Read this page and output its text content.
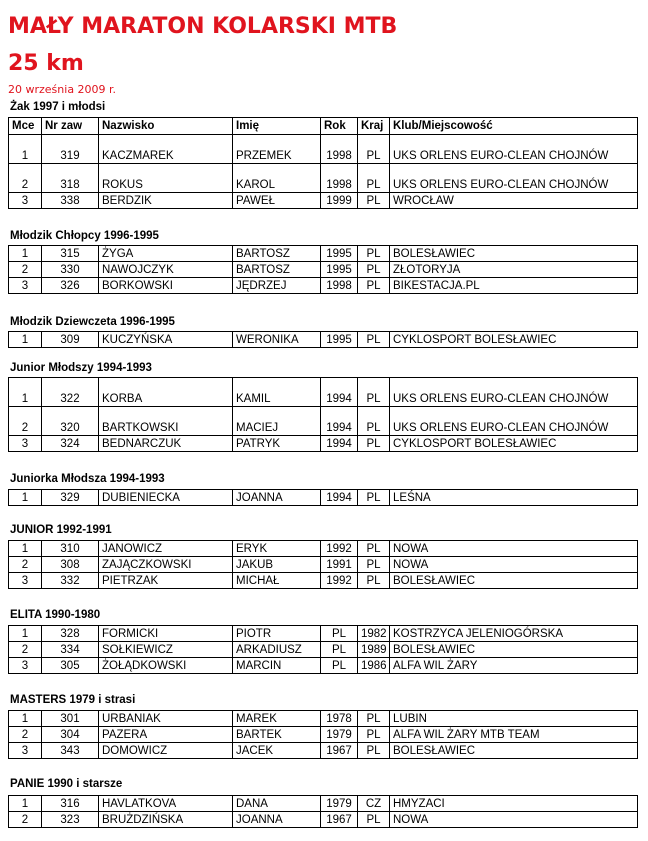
MAŁY MARATON KOLARSKI MTB
25 km
20 września 2009 r.
Żak 1997 i młodsi
Mce	Nr zaw	Nazwisko	Imię	Rok	Kraj	Klub/Miejscowość
1	319	KACZMAREK	PRZEMEK	1998	PL	UKS ORLENS EURO-CLEAN CHOJNÓW
2	318	ROKUS	KAROL	1998	PL	UKS ORLENS EURO-CLEAN CHOJNÓW
3	338	BERDZIK	PAWEŁ	1999	PL	WROCŁAW
Młodzik Chłopcy 1996-1995
1	315	ŻYGA	BARTOSZ	1995	PL	BOLESŁAWIEC
2	330	NAWOJCZYK	BARTOSZ	1995	PL	ZŁOTORYJA
3	326	BORKOWSKI	JĘDRZEJ	1998	PL	BIKESTACJA.PL
Młodzik Dziewczeta 1996-1995
1	309	KUCZYŃSKA	WERONIKA	1995	PL	CYKLOSPORT BOLESŁAWIEC
Junior Młodszy 1994-1993
1	322	KORBA	KAMIL	1994	PL	UKS ORLENS EURO-CLEAN CHOJNÓW
2	320	BARTKOWSKI	MACIEJ	1994	PL	UKS ORLENS EURO-CLEAN CHOJNÓW
3	324	BEDNARCZUK	PATRYK	1994	PL	CYKLOSPORT BOLESŁAWIEC
Juniorka Młodsza 1994-1993
1	329	DUBIENIECKA	JOANNA	1994	PL	LEŚNA
JUNIOR 1992-1991
1	310	JANOWICZ	ERYK	1992	PL	NOWA
2	308	ZAJĄCZKOWSKI	JAKUB	1991	PL	NOWA
3	332	PIETRZAK	MICHAŁ	1992	PL	BOLESŁAWIEC
ELITA 1990-1980
1	328	FORMICKI	PIOTR	PL	1982	KOSTRZYCA JELENIOGÓRSKA
2	334	SOŁKIEWICZ	ARKADIUSZ	PL	1989	BOLESŁAWIEC
3	305	ŻOŁĄDKOWSKI	MARCIN	PL	1986	ALFA WIL ŻARY
MASTERS 1979 i strasi
1	301	URBANIAK	MAREK	1978	PL	LUBIN
2	304	PAZERA	BARTEK	1979	PL	ALFA WIL ŻARY MTB TEAM
3	343	DOMOWICZ	JACEK	1967	PL	BOLESŁAWIEC
PANIE 1990 i starsze
1	316	HAVLATKOVA	DANA	1979	CZ	HMYZACI
2	323	BRUŻDZIŃSKA	JOANNA	1967	PL	NOWA
